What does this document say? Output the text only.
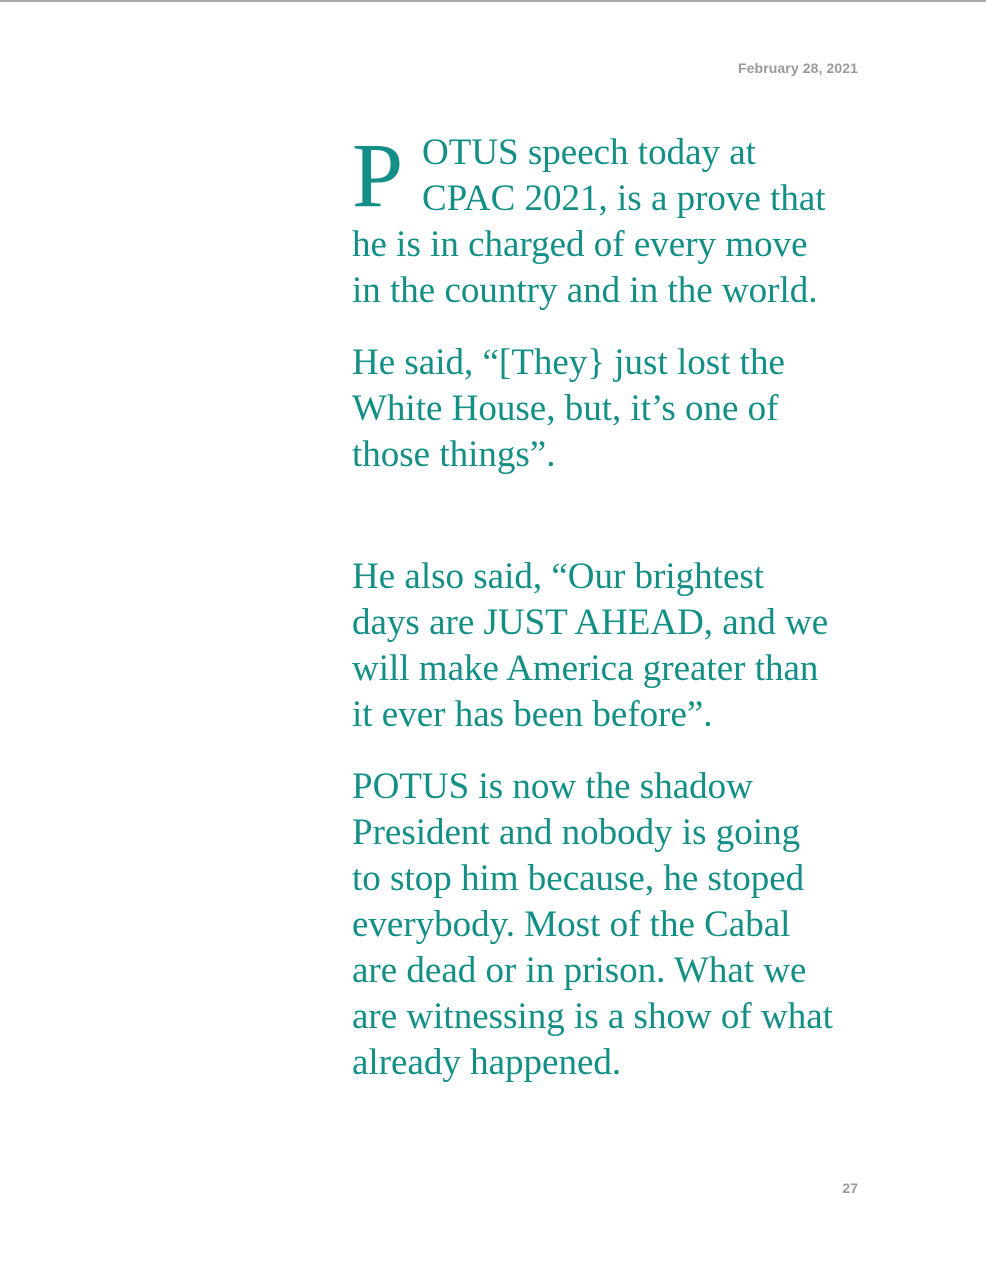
February 28, 2021
P OTUS speech today at

CPAC 2021, is a prove that

he is in charged of every move

in the country and in the world.

He said, “[They} just lost the

White House, but, it’s one of

those things”.

He also said, “Our brightest

days are JUST AHEAD, and we

will make America greater than

it ever has been before”.

POTUS is now the shadow

President and nobody is going

to stop him because, he stoped

everybody. Most of the Cabal

are dead or in prison. What we

are witnessing is a show of what

already happened.

27
